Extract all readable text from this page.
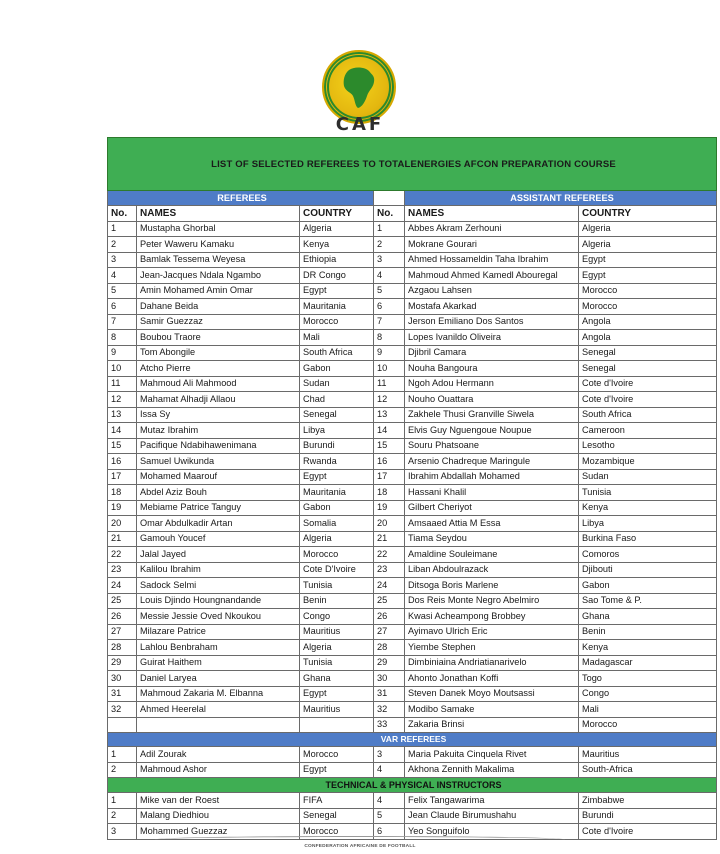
CAF
LIST OF SELECTED REFEREES TO TOTALENERGIES AFCON PREPARATION COURSE					
REFEREES				ASSISTANT REFEREES	
No.	NAMES	COUNTRY	No.	NAMES	COUNTRY
1	Mustapha Ghorbal	Algeria	1	Abbes Akram Zerhouni	Algeria
2	Peter Waweru Kamaku	Kenya	2	Mokrane Gourari	Algeria
3	Bamlak Tessema Weyesa	Ethiopia	3	Ahmed Hossameldin Taha Ibrahim	Egypt
4	Jean-Jacques Ndala Ngambo	DR Congo	4	Mahmoud Ahmed Kamedl Abouregal	Egypt
5	Amin Mohamed Amin Omar	Egypt	5	Azgaou Lahsen	Morocco
6	Dahane Beida	Mauritania	6	Mostafa Akarkad	Morocco
7	Samir Guezzaz	Morocco	7	Jerson Emiliano Dos Santos	Angola
8	Boubou Traore	Mali	8	Lopes Ivanildo Oliveira	Angola
9	Tom Abongile	South Africa	9	Djibril Camara	Senegal
10	Atcho Pierre	Gabon	10	Nouha Bangoura	Senegal
11	Mahmoud Ali Mahmood	Sudan	11	Ngoh Adou Hermann	Cote d'Ivoire
12	Mahamat Alhadji Allaou	Chad	12	Nouho Ouattara	Cote d'Ivoire
13	Issa Sy	Senegal	13	Zakhele Thusi Granville Siwela	South Africa
14	Mutaz Ibrahim	Libya	14	Elvis Guy Nguengoue Noupue	Cameroon
15	Pacifique Ndabihawenimana	Burundi	15	Souru Phatsoane	Lesotho
16	Samuel Uwikunda	Rwanda	16	Arsenio Chadreque Maringule	Mozambique
17	Mohamed Maarouf	Egypt	17	Ibrahim Abdallah Mohamed	Sudan
18	Abdel Aziz Bouh	Mauritania	18	Hassani Khalil	Tunisia
19	Mebiame Patrice Tanguy	Gabon	19	Gilbert Cheriyot	Kenya
20	Omar Abdulkadir Artan	Somalia	20	Amsaaed Attia M Essa	Libya
21	Gamouh Youcef	Algeria	21	Tiama Seydou	Burkina Faso
22	Jalal Jayed	Morocco	22	Amaldine Souleimane	Comoros
23	Kalilou Ibrahim	Cote D'Ivoire	23	Liban Abdoulrazack	Djibouti
24	Sadock Selmi	Tunisia	24	Ditsoga Boris Marlene	Gabon
25	Louis Djindo Houngnandande	Benin	25	Dos Reis Monte Negro Abelmiro	Sao Tome & P.
26	Messie Jessie Oved Nkoukou	Congo	26	Kwasi Acheampong Brobbey	Ghana
27	Milazare Patrice	Mauritius	27	Ayimavo Ulrich Eric	Benin
28	Lahlou Benbraham	Algeria	28	Yiembe Stephen	Kenya
29	Guirat Haithem	Tunisia	29	Dimbiniaina Andriatianarivelo	Madagascar
30	Daniel Laryea	Ghana	30	Ahonto Jonathan Koffi	Togo
31	Mahmoud Zakaria M. Elbanna	Egypt	31	Steven Danek Moyo Moutsassi	Congo
32	Ahmed Heerelal	Mauritius	32	Modibo Samake	Mali
			33	Zakaria Brinsi	Morocco
VAR REFEREES					
1	Adil Zourak	Morocco	3	Maria Pakuita Cinquela Rivet	Mauritius
2	Mahmoud Ashor	Egypt	4	Akhona Zennith Makalima	South-Africa
TECHNICAL & PHYSICAL INSTRUCTORS					
1	Mike van der Roest	FIFA	4	Felix Tangawarima	Zimbabwe
2	Malang Diedhiou	Senegal	5	Jean Claude Birumushahu	Burundi
3	Mohammed Guezzaz	Morocco	6	Yeo Songuifolo	Cote d'Ivoire
CONFEDERATION AFRICAINE DE FOOTBALL
